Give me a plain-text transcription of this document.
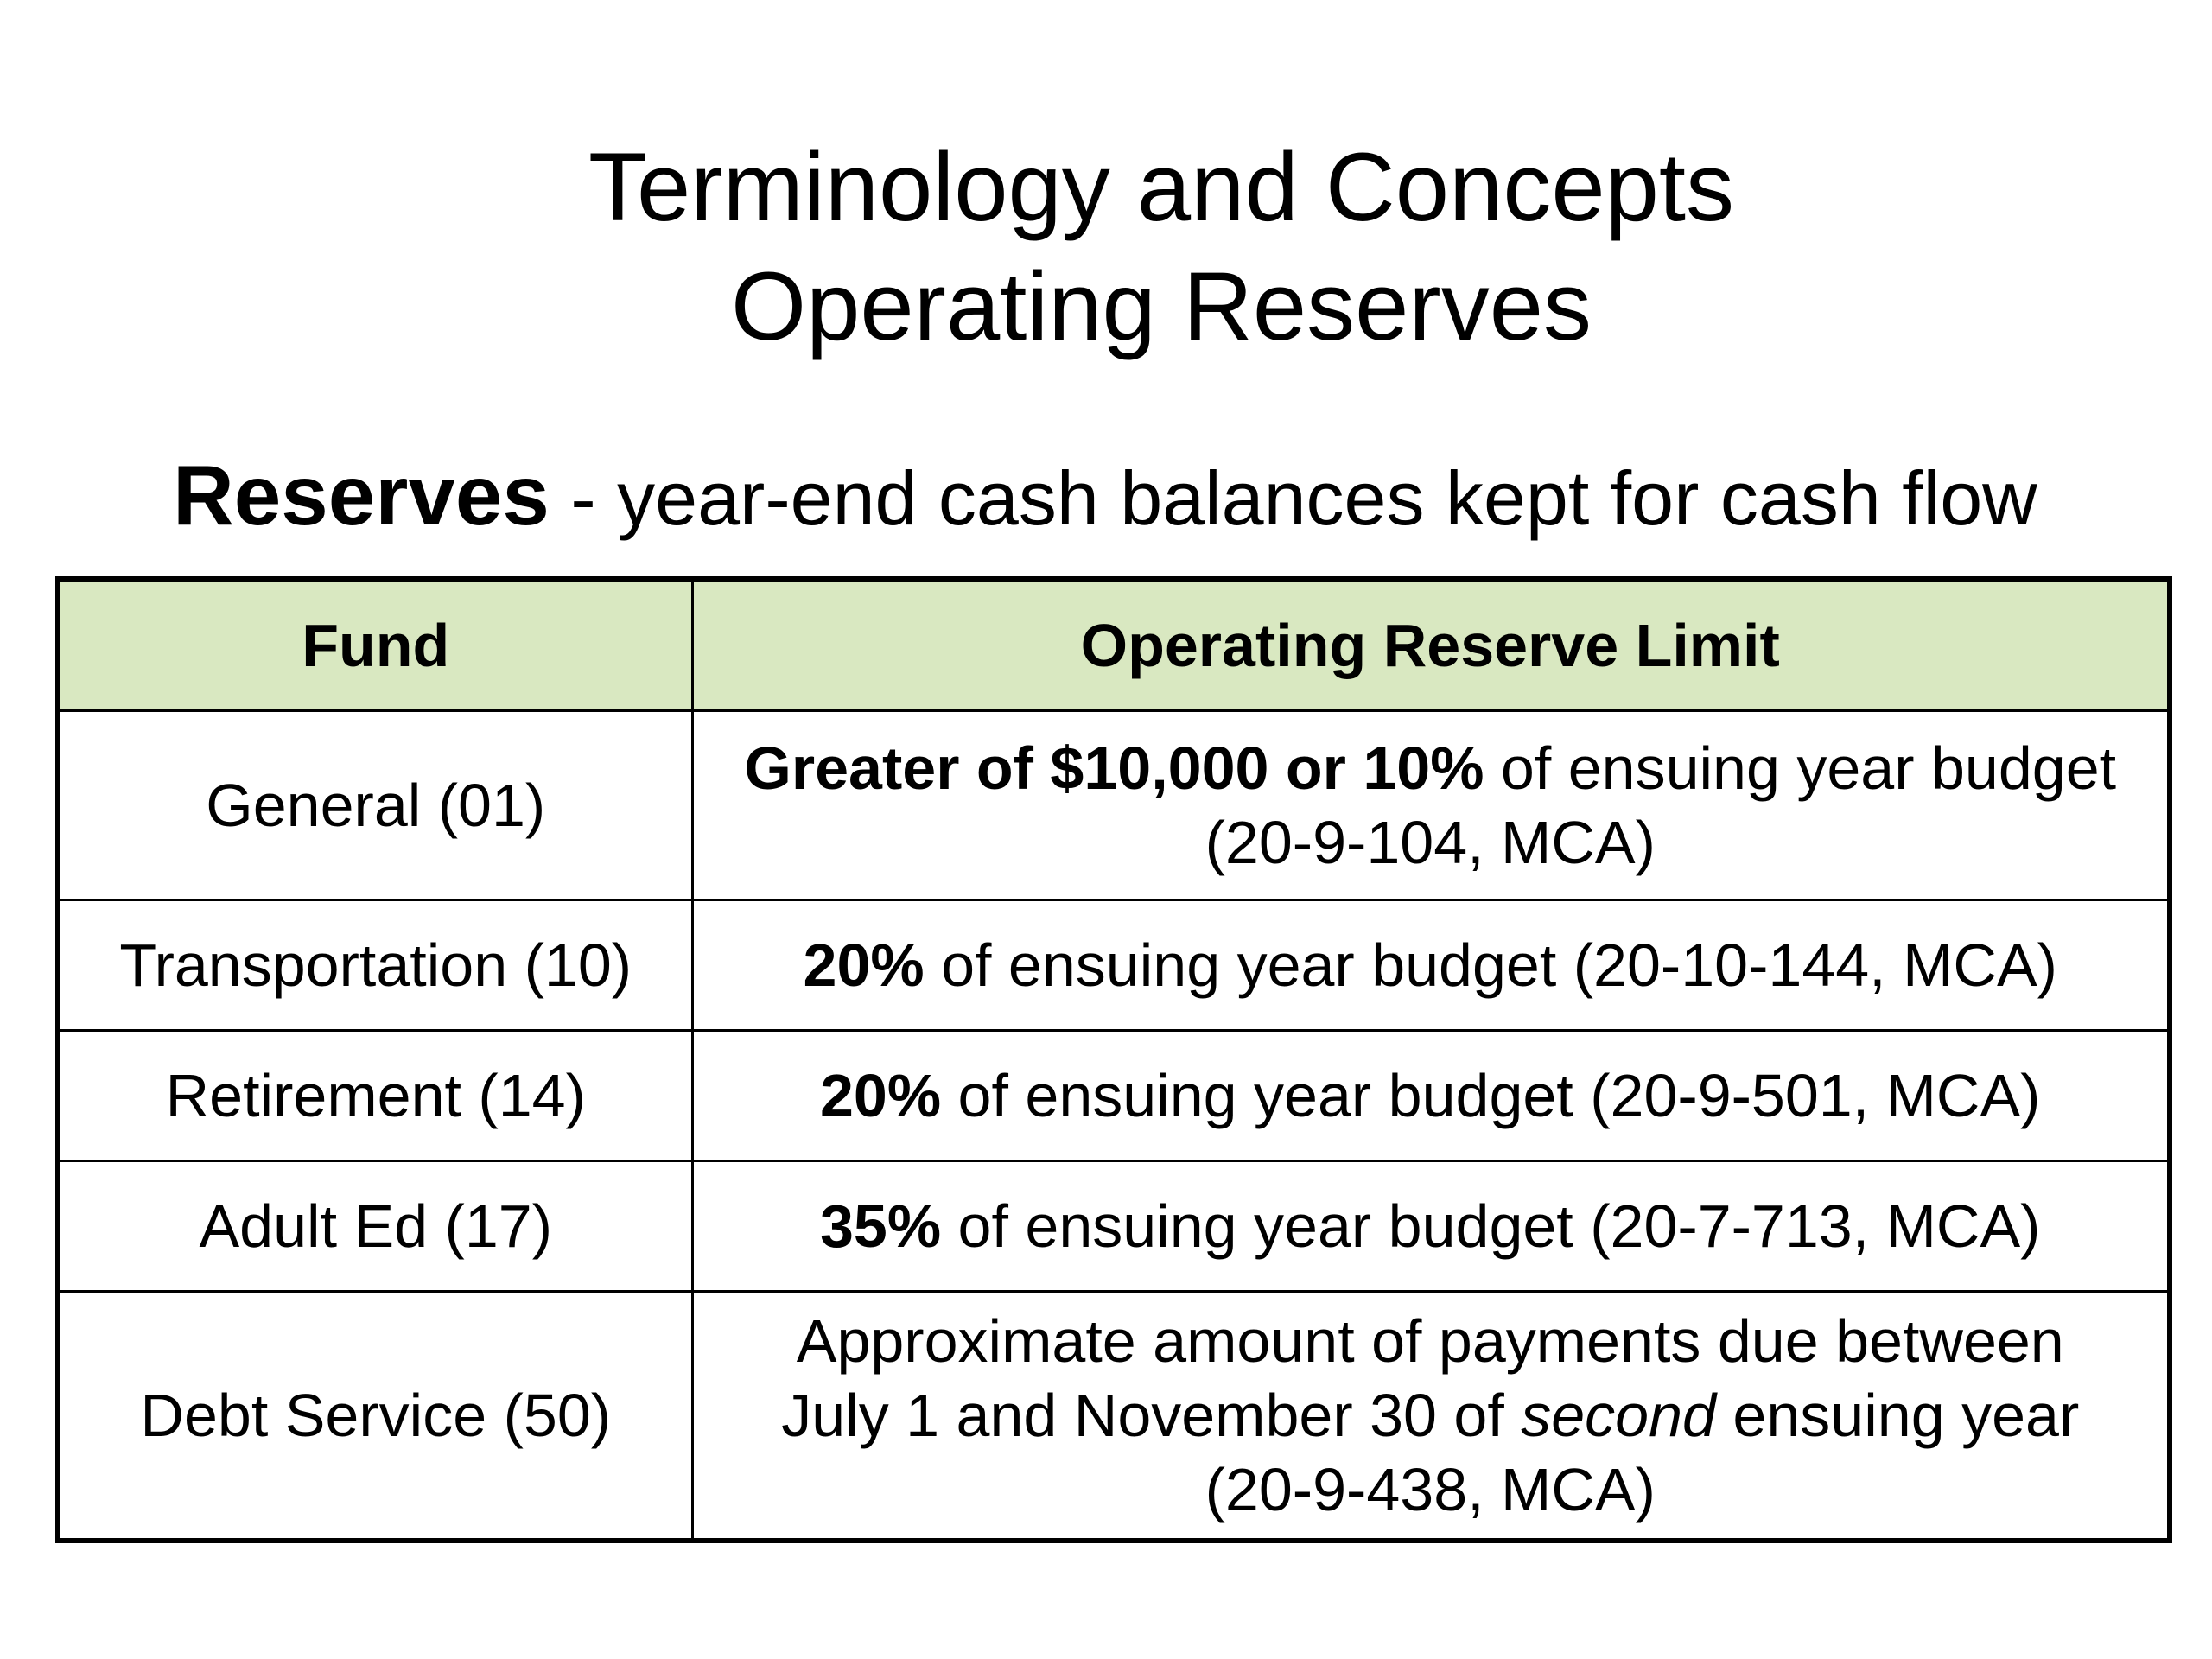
Terminology and Concepts
Operating Reserves
Reserves - year-end cash balances kept for cash flow
Fund	Operating Reserve Limit
General (01)	Greater of $10,000 or 10% of ensuing year budget
(20-9-104, MCA)
Transportation (10)	20% of ensuing year budget (20-10-144, MCA)
Retirement (14)	20% of ensuing year budget (20-9-501, MCA)
Adult Ed (17)	35% of ensuing year budget (20-7-713, MCA)
Debt Service (50)	Approximate amount of payments due between
July 1 and November 30 of second ensuing year
(20-9-438, MCA)
